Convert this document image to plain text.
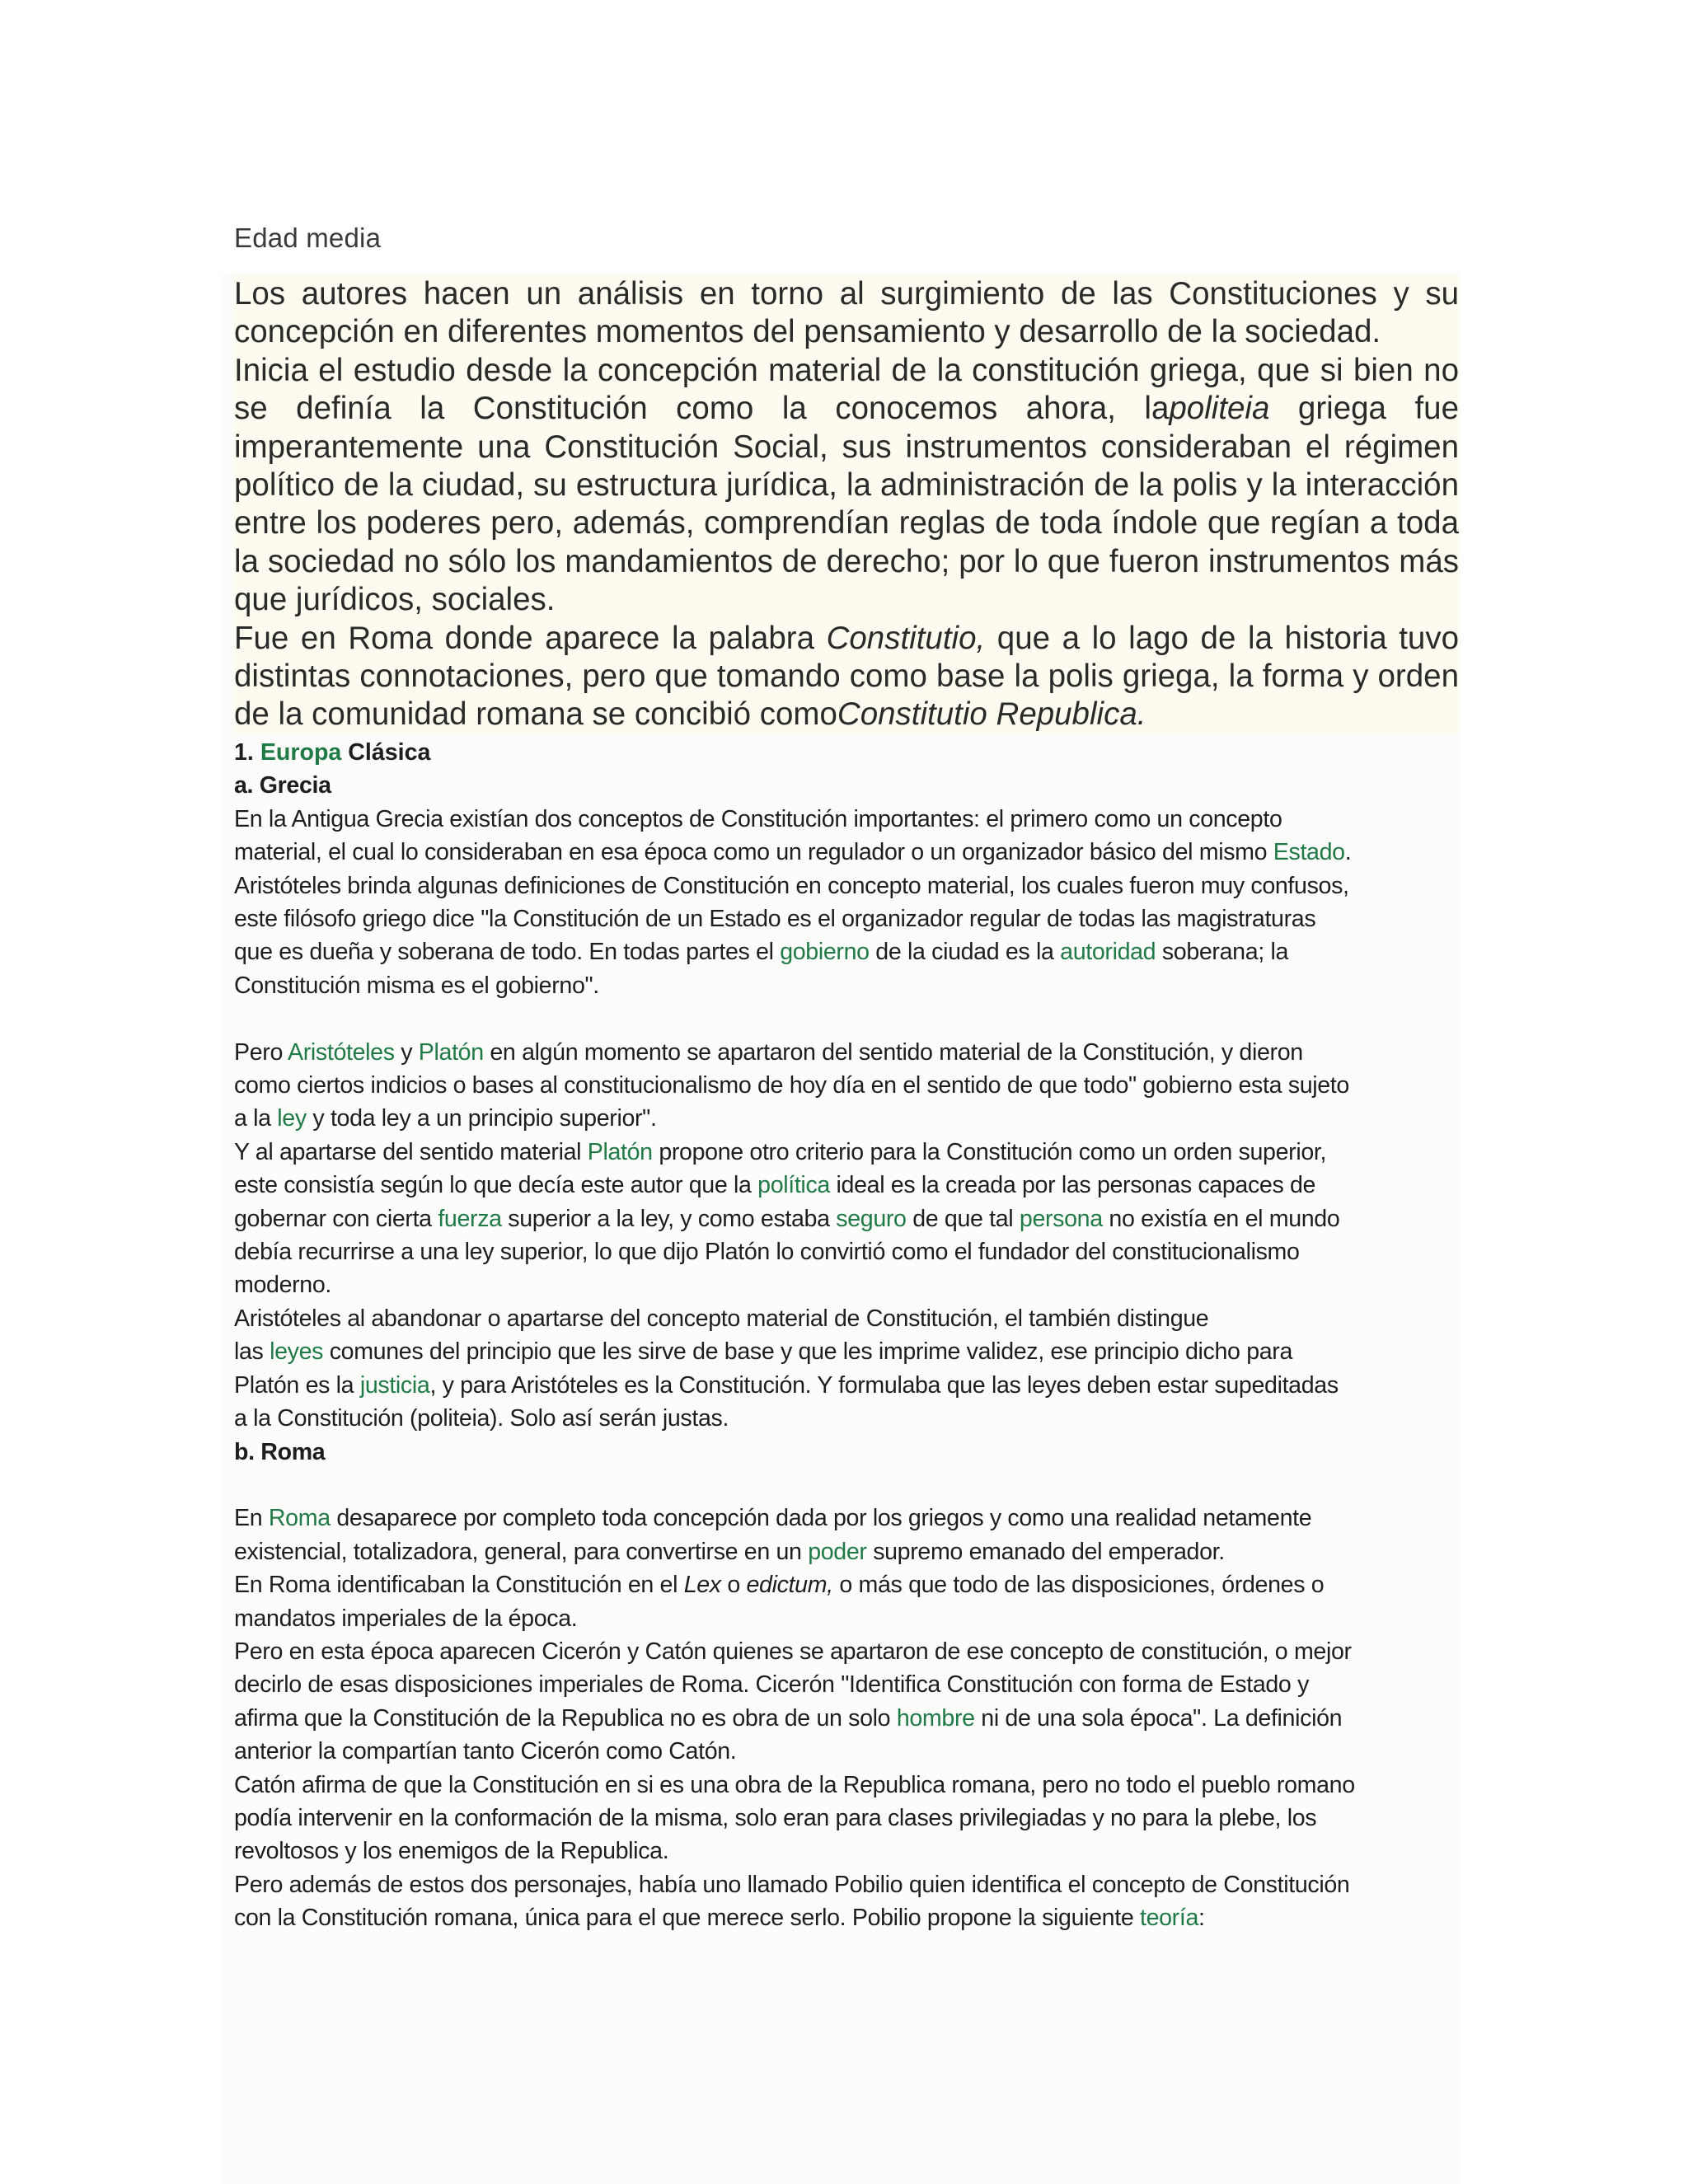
Edad media

Los autores hacen un análisis en torno al surgimiento de las Constituciones y su concepción en diferentes momentos del pensamiento y desarrollo de la sociedad.

Inicia el estudio desde la concepción material de la constitución griega, que si bien no se definía la Constitución como la conocemos ahora, lapoliteia griega fue imperantemente una Constitución Social, sus instrumentos consideraban el régimen político de la ciudad, su estructura jurídica, la administración de la polis y la interacción entre los poderes pero, además, comprendían reglas de toda índole que regían a toda la sociedad no sólo los mandamientos de derecho; por lo que fueron instrumentos más que jurídicos, sociales.

Fue en Roma donde aparece la palabra Constitutio, que a lo lago de la historia tuvo distintas connotaciones, pero que tomando como base la polis griega, la forma y orden de la comunidad romana se concibió comoConstitutio Republica.

1. Europa Clásica
a. Grecia
En la Antigua Grecia existían dos conceptos de Constitución importantes: el primero como un concepto
material, el cual lo consideraban en esa época como un regulador o un organizador básico del mismo Estado.
Aristóteles brinda algunas definiciones de Constitución en concepto material, los cuales fueron muy confusos,
este filósofo griego dice "la Constitución de un Estado es el organizador regular de todas las magistraturas
que es dueña y soberana de todo. En todas partes el gobierno de la ciudad es la autoridad soberana; la
Constitución misma es el gobierno".
Pero Aristóteles y Platón en algún momento se apartaron del sentido material de la Constitución, y dieron
como ciertos indicios o bases al constitucionalismo de hoy día en el sentido de que todo" gobierno esta sujeto
a la ley y toda ley a un principio superior".
Y al apartarse del sentido material Platón propone otro criterio para la Constitución como un orden superior,
este consistía según lo que decía este autor que la política ideal es la creada por las personas capaces de
gobernar con cierta fuerza superior a la ley, y como estaba seguro de que tal persona no existía en el mundo
debía recurrirse a una ley superior, lo que dijo Platón lo convirtió como el fundador del constitucionalismo
moderno.
Aristóteles al abandonar o apartarse del concepto material de Constitución, el también distingue
las leyes comunes del principio que les sirve de base y que les imprime validez, ese principio dicho para
Platón es la justicia, y para Aristóteles es la Constitución. Y formulaba que las leyes deben estar supeditadas
a la Constitución (politeia). Solo así serán justas.
b. Roma
En Roma desaparece por completo toda concepción dada por los griegos y como una realidad netamente
existencial, totalizadora, general, para convertirse en un poder supremo emanado del emperador.
En Roma identificaban la Constitución en el Lex o edictum, o más que todo de las disposiciones, órdenes o
mandatos imperiales de la época.
Pero en esta época aparecen Cicerón y Catón quienes se apartaron de ese concepto de constitución, o mejor
decirlo de esas disposiciones imperiales de Roma. Cicerón "Identifica Constitución con forma de Estado y
afirma que la Constitución de la Republica no es obra de un solo hombre ni de una sola época". La definición
anterior la compartían tanto Cicerón como Catón.
Catón afirma de que la Constitución en si es una obra de la Republica romana, pero no todo el pueblo romano
podía intervenir en la conformación de la misma, solo eran para clases privilegiadas y no para la plebe, los
revoltosos y los enemigos de la Republica.
Pero además de estos dos personajes, había uno llamado Pobilio quien identifica el concepto de Constitución
con la Constitución romana, única para el que merece serlo. Pobilio propone la siguiente teoría:
